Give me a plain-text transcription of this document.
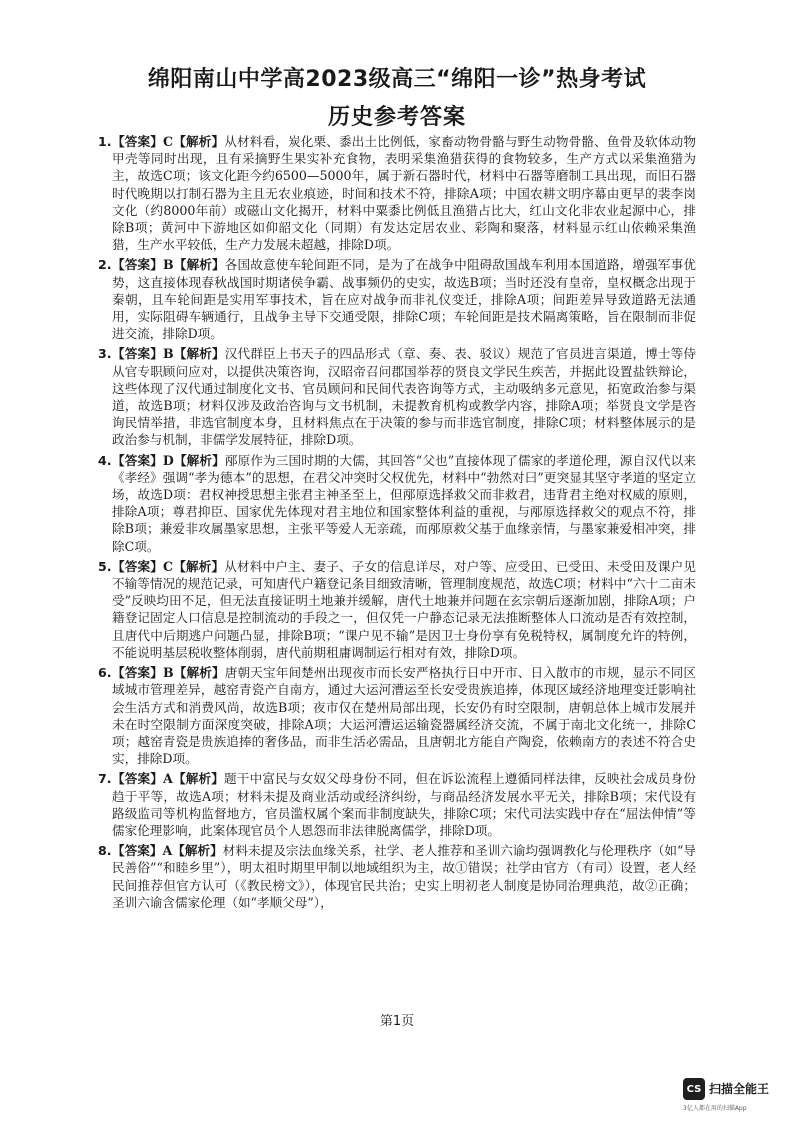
绵阳南山中学高2023级高三“绵阳一诊”热身考试
历史参考答案
1. 【答案】C【解析】从材料看，炭化栗、黍出土比例低，家畜动物骨骼与野生动物骨骼、鱼骨及软体动物甲壳等同时出现，且有采摘野生果实补充食物，表明采集渔猎获得的食物较多，生产方式以采集渔猎为主，故选C项；该文化距今约6500—5000年，属于新石器时代，材料中石器等磨制工具出现，而旧石器时代晚期以打制石器为主且无农业痕迹，时间和技术不符，排除A项；中国农耕文明序幕由更早的裴李岗文化（约8000年前）或磁山文化揭开，材料中粟黍比例低且渔猎占比大，红山文化非农业起源中心，排除B项；黄河中下游地区如仰韶文化（同期）有发达定居农业、彩陶和聚落，材料显示红山依赖采集渔猎，生产水平较低，生产力发展未超越，排除D项。
2. 【答案】B【解析】各国故意使车轮间距不同，是为了在战争中阻碍敌国战车利用本国道路，增强军事优势，这直接体现春秋战国时期诸侯争霸、战事频仍的史实，故选B项；当时还没有皇帝，皇权概念出现于秦朝，且车轮间距是实用军事技术，旨在应对战争而非礼仪变迁，排除A项；间距差异导致道路无法通用，实际阻碍车辆通行，且战争主导下交通受限，排除C项；车轮间距是技术隔离策略，旨在限制而非促进交流，排除D项。
3. 【答案】B【解析】汉代群臣上书天子的四品形式（章、奏、表、驳议）规范了官员进言渠道，博士等侍从官专职顾问应对，以提供决策咨询，汉昭帝召问郡国举荐的贤良文学民生疾苦，并据此设置盐铁辩论，这些体现了汉代通过制度化文书、官员顾问和民间代表咨询等方式，主动吸纳多元意见，拓宽政治参与渠道，故选B项；材料仅涉及政治咨询与文书机制，未提教育机构或教学内容，排除A项；举贤良文学是咨询民情举措，非选官制度本身，且材料焦点在于决策的参与而非选官制度，排除C项；材料整体展示的是政治参与机制，非儒学发展特征，排除D项。
4. 【答案】D【解析】邴原作为三国时期的大儒，其回答“父也”直接体现了儒家的孝道伦理，源自汉代以来《孝经》强调“孝为德本”的思想，在君父冲突时父权优先，材料中“勃然对曰”更突显其坚守孝道的坚定立场，故选D项：君权神授思想主张君主神圣至上，但邴原选择救父而非救君，违背君主绝对权威的原则，排除A项；尊君抑臣、国家优先体现对君主地位和国家整体利益的重视，与邴原选择救父的观点不符，排除B项；兼爱非攻属墨家思想，主张平等爱人无亲疏，而邴原救父基于血缘亲情，与墨家兼爱相冲突，排除C项。
5. 【答案】C【解析】从材料中户主、妻子、子女的信息详尽，对户等、应受田、已受田、未受田及课户见不输等情况的规范记录，可知唐代户籍登记条目细致清晰，管理制度规范，故选C项；材料中“六十二亩未受”反映均田不足，但无法直接证明土地兼并缓解，唐代土地兼并问题在玄宗朝后逐渐加剧，排除A项；户籍登记固定人口信息是控制流动的手段之一，但仅凭一户静态记录无法推断整体人口流动是否有效控制，且唐代中后期逃户问题凸显，排除B项；“课户见不输”是因卫士身份享有免税特权，属制度允许的特例，不能说明基层税收整体削弱，唐代前期租庸调制运行相对有效，排除D项。
6. 【答案】B【解析】唐朝天宝年间楚州出现夜市而长安严格执行日中开市、日入散市的市规，显示不同区域城市管理差异，越窑青瓷产自南方，通过大运河漕运至长安受贵族追捧，体现区域经济地理变迁影响社会生活方式和消费风尚，故选B项；夜市仅在楚州局部出现，长安仍有时空限制，唐朝总体上城市发展并未在时空限制方面深度突破，排除A项；大运河漕运运输瓷器属经济交流，不属于南北文化统一，排除C项；越窑青瓷是贵族追捧的奢侈品，而非生活必需品，且唐朝北方能自产陶瓷，依赖南方的表述不符合史实，排除D项。
7. 【答案】A【解析】题干中富民与女奴父母身份不同，但在诉讼流程上遵循同样法律，反映社会成员身份趋于平等，故选A项；材料未提及商业活动或经济纠纷，与商品经济发展水平无关，排除B项；宋代设有路级监司等机构监督地方，官员滥权属个案而非制度缺失，排除C项；宋代司法实践中存在“屈法伸情”等儒家伦理影响，此案体现官员个人恩怨而非法律脱离儒学，排除D项。
8. 【答案】A【解析】材料未提及宗法血缘关系，社学、老人推荐和圣训六谕均强调教化与伦理秩序（如“导民善俗”“和睦乡里”），明太祖时期里甲制以地域组织为主，故①错误；社学由官方（有司）设置，老人经民间推荐但官方认可（《教民榜文》），体现官民共治；史实上明初老人制度是协同治理典范，故②正确；圣训六谕含儒家伦理（如“孝顺父母”），
第1页
CS 扫描全能王
3亿人都在用的扫描App
